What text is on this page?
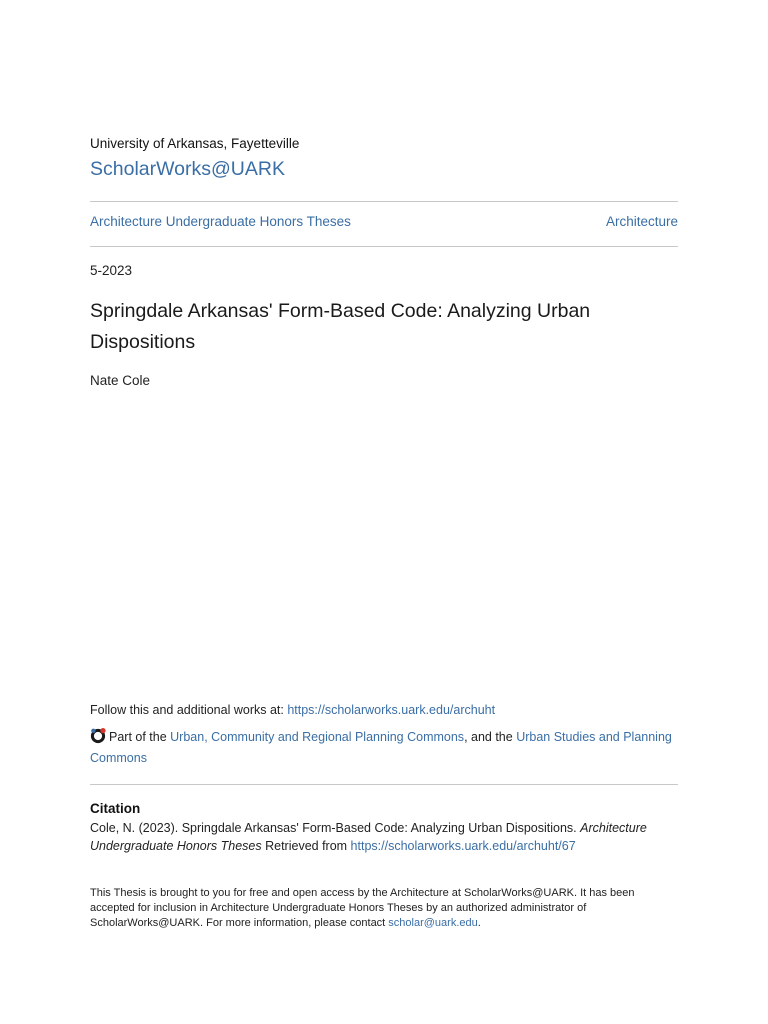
University of Arkansas, Fayetteville
ScholarWorks@UARK
Architecture Undergraduate Honors Theses	Architecture
5-2023
Springdale Arkansas' Form-Based Code: Analyzing Urban Dispositions
Nate Cole
Follow this and additional works at: https://scholarworks.uark.edu/archuht
Part of the Urban, Community and Regional Planning Commons, and the Urban Studies and Planning Commons
Citation
Cole, N. (2023). Springdale Arkansas' Form-Based Code: Analyzing Urban Dispositions. Architecture Undergraduate Honors Theses Retrieved from https://scholarworks.uark.edu/archuht/67
This Thesis is brought to you for free and open access by the Architecture at ScholarWorks@UARK. It has been accepted for inclusion in Architecture Undergraduate Honors Theses by an authorized administrator of ScholarWorks@UARK. For more information, please contact scholar@uark.edu.
